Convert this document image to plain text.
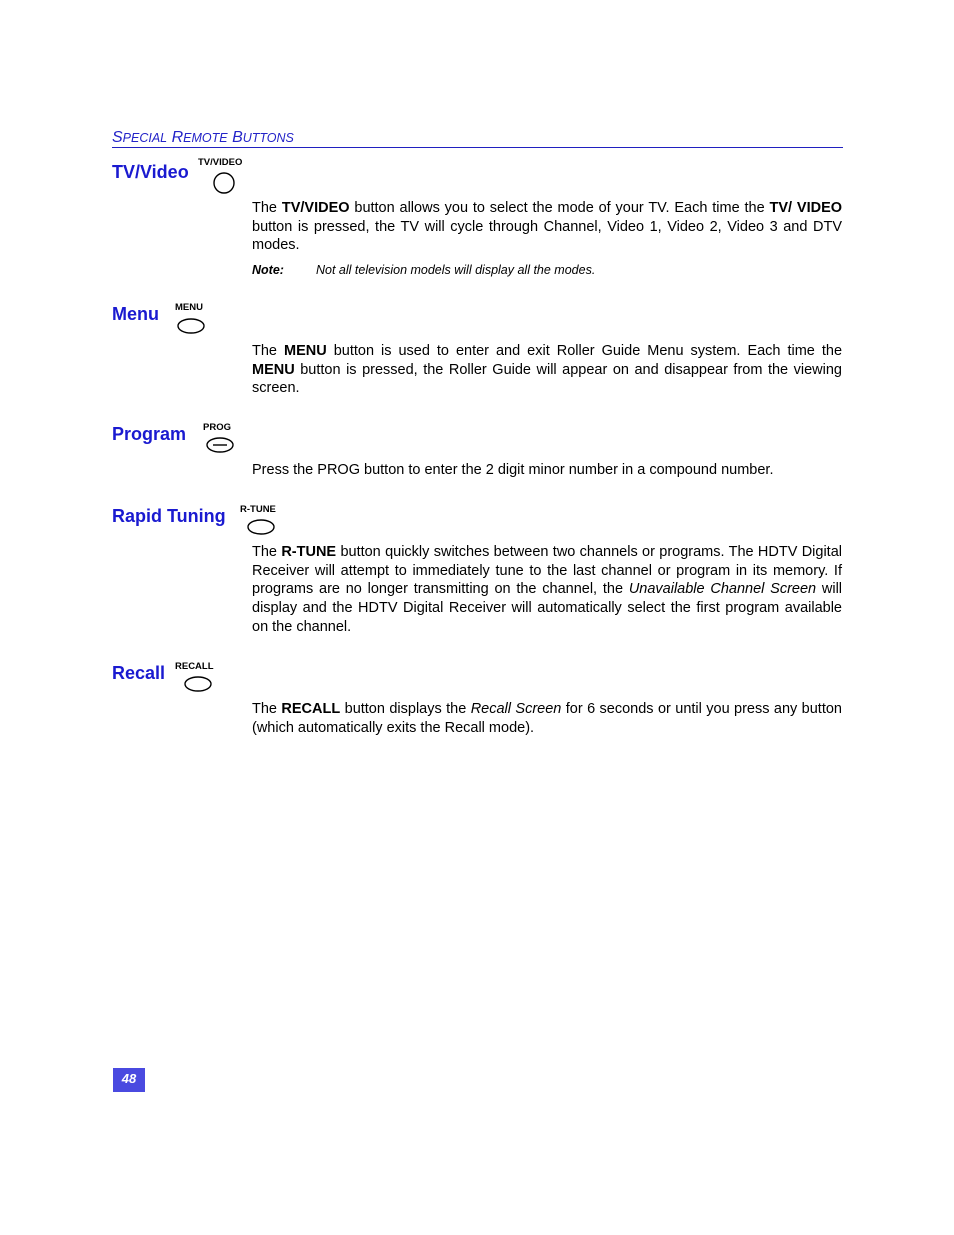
SPECIAL REMOTE BUTTONS
TV/Video TV/VIDEO
The TV/VIDEO button allows you to select the mode of your TV. Each time the TV/ VIDEO button is pressed, the TV will cycle through Channel, Video 1, Video 2, Video 3 and DTV modes.
Note:	Not all television models will display all the modes.
Menu MENU
The MENU button is used to enter and exit Roller Guide Menu system. Each time the MENU button is pressed, the Roller Guide will appear on and disappear from the viewing screen.
Program PROG
Press the PROG button to enter the 2 digit minor number in a compound number.
Rapid Tuning R-TUNE
The R-TUNE button quickly switches between two channels or programs. The HDTV Digital Receiver will attempt to immediately tune to the last channel or program in its memory. If programs are no longer transmitting on the channel, the Unavailable Channel Screen will display and the HDTV Digital Receiver will automatically select the first program available on the channel.
Recall RECALL
The RECALL button displays the Recall Screen for 6 seconds or until you press any button (which automatically exits the Recall mode).
48
